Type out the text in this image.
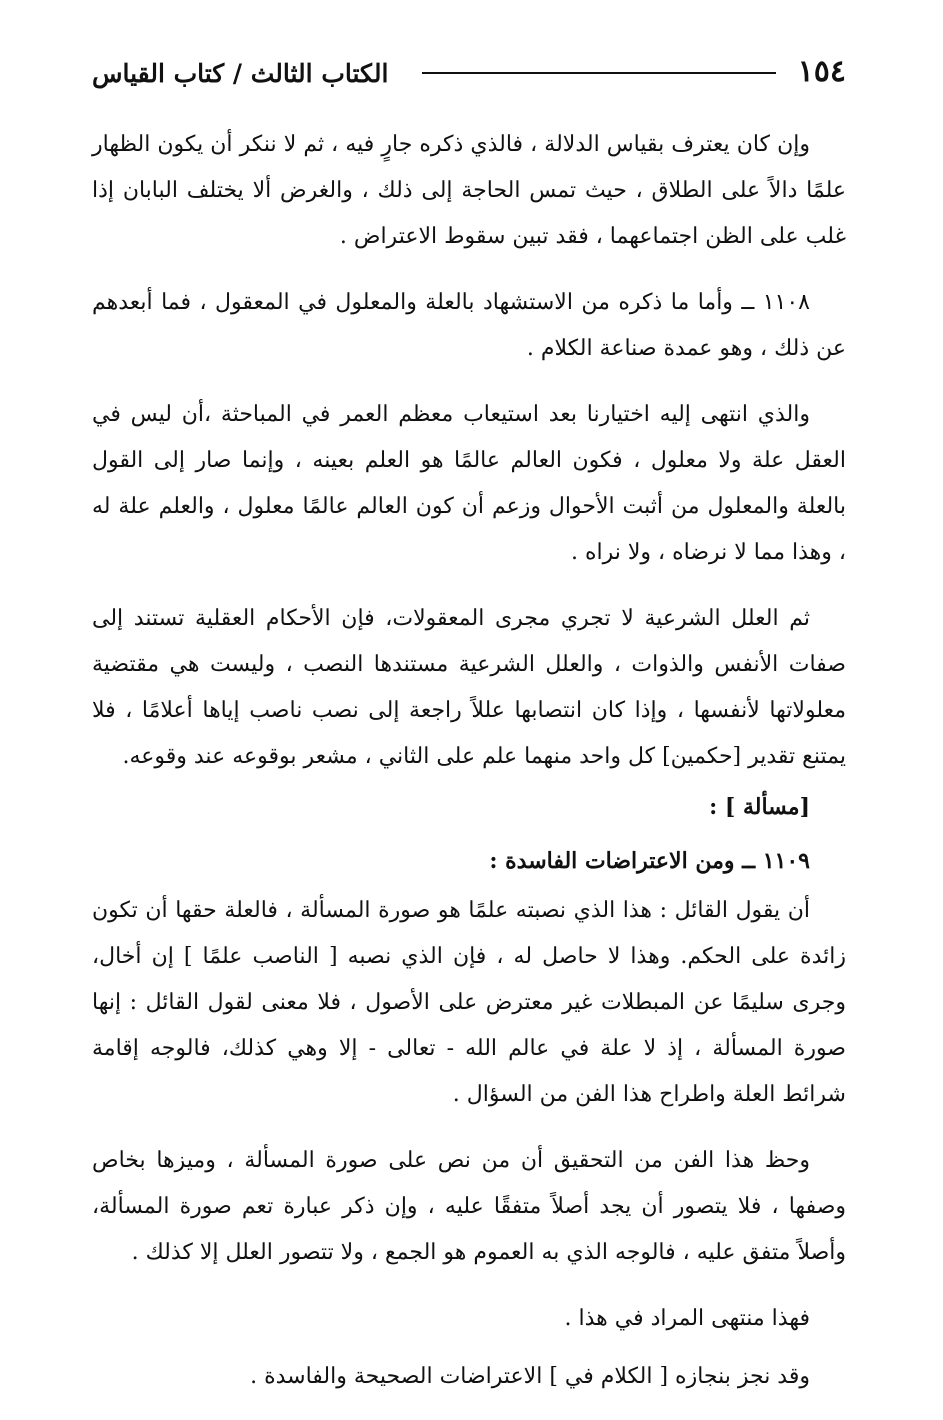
١٥٤
الكتاب الثالث / كتاب القياس

وإن كان يعترف بقياس الدلالة ، فالذي ذكره جارٍ فيه ، ثم لا ننكر أن يكون الظهار علمًا دالاً على الطلاق ، حيث تمس الحاجة إلى ذلك ، والغرض ألا يختلف البابان إذا غلب على الظن اجتماعهما ، فقد تبين سقوط الاعتراض .

١١٠٨ ــ وأما ما ذكره من الاستشهاد بالعلة والمعلول في المعقول ، فما أبعدهم عن ذلك ، وهو عمدة صناعة الكلام .

والذي انتهى إليه اختيارنا بعد استيعاب معظم العمر في المباحثة ،أن ليس في العقل علة ولا معلول ، فكون العالم عالمًا هو العلم بعينه ، وإنما صار إلى القول بالعلة والمعلول من أثبت الأحوال وزعم أن كون العالم عالمًا معلول ، والعلم علة له ، وهذا مما لا نرضاه ، ولا نراه .

ثم العلل الشرعية لا تجري مجرى المعقولات، فإن الأحكام العقلية تستند إلى صفات الأنفس والذوات ، والعلل الشرعية مستندها النصب ، وليست هي مقتضية معلولاتها لأنفسها ، وإذا كان انتصابها عللاً راجعة إلى نصب ناصب إياها أعلامًا ، فلا يمتنع تقدير [حكمين] كل واحد منهما علم على الثاني ، مشعر بوقوعه عند وقوعه.

[مسألة ] :

١١٠٩ ــ ومن الاعتراضات الفاسدة :

أن يقول القائل : هذا الذي نصبته علمًا هو صورة المسألة ، فالعلة حقها أن تكون زائدة على الحكم. وهذا لا حاصل له ، فإن الذي نصبه [ الناصب علمًا ] إن أخال، وجرى سليمًا عن المبطلات غير معترض على الأصول ، فلا معنى لقول القائل : إنها صورة المسألة ، إذ لا علة في عالم الله - تعالى - إلا وهي كذلك، فالوجه إقامة شرائط العلة واطراح هذا الفن من السؤال .

وحظ هذا الفن من التحقيق أن من نص على صورة المسألة ، وميزها بخاص وصفها ، فلا يتصور أن يجد أصلاً متفقًا عليه ، وإن ذكر عبارة تعم صورة المسألة، وأصلاً متفق عليه ، فالوجه الذي به العموم هو الجمع ، ولا تتصور العلل إلا كذلك .

فهذا منتهى المراد في هذا .

وقد نجز بنجازه [ الكلام في ] الاعتراضات الصحيحة والفاسدة .
